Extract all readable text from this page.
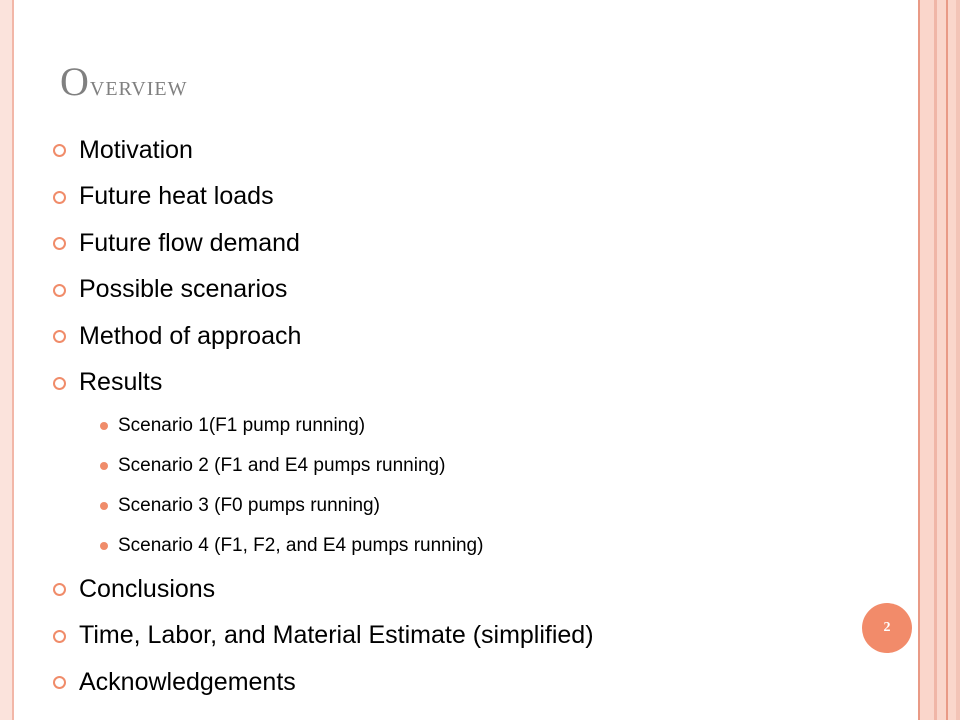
Overview
Motivation
Future heat loads
Future flow demand
Possible scenarios
Method of approach
Results
Scenario 1(F1 pump running)
Scenario 2 (F1 and E4 pumps running)
Scenario 3 (F0 pumps running)
Scenario 4 (F1, F2, and E4 pumps running)
Conclusions
Time, Labor, and Material Estimate (simplified)
Acknowledgements
2
